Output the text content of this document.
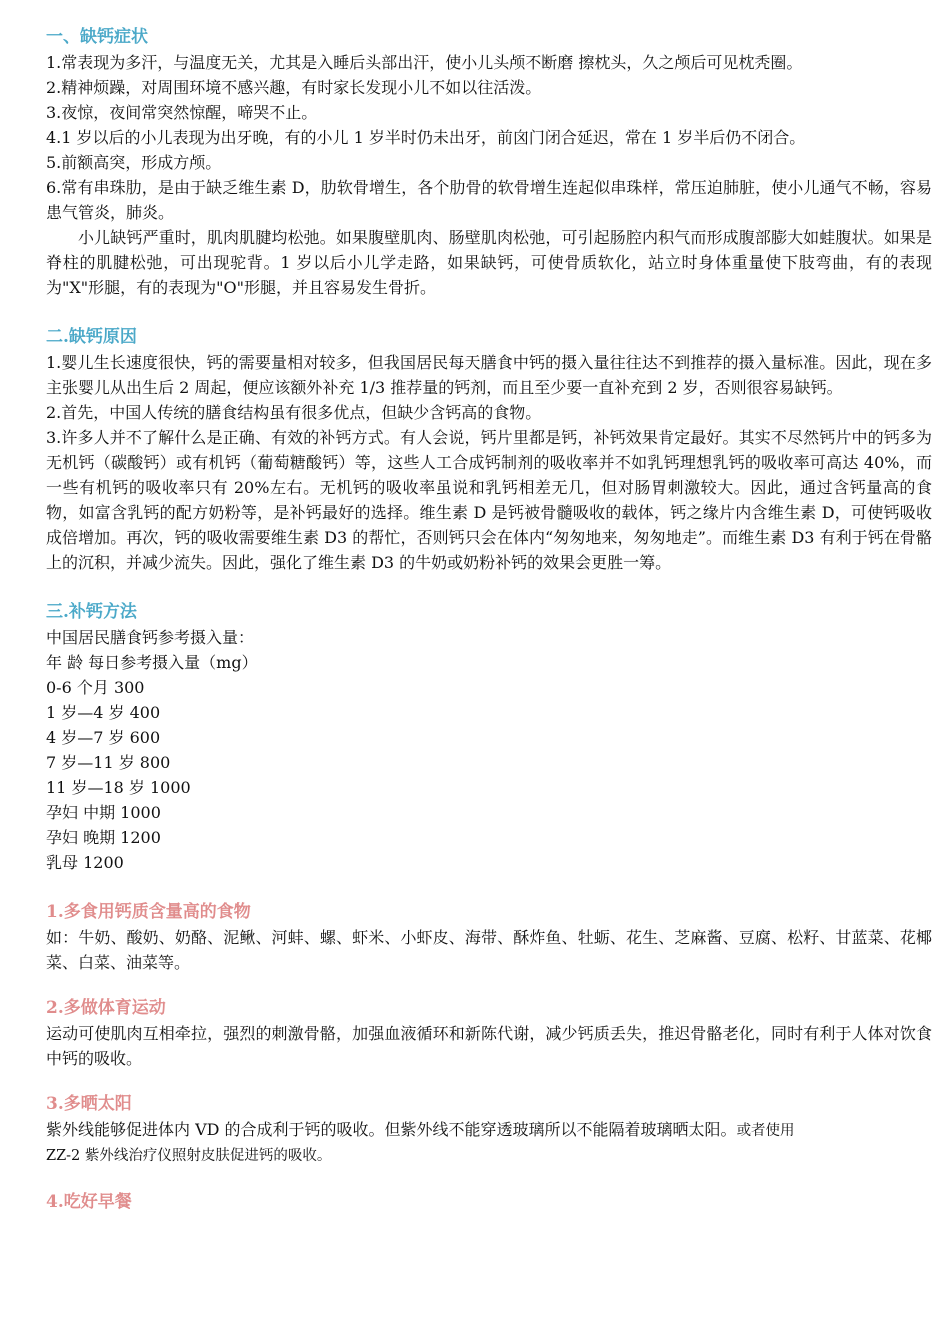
一、缺钙症状

1.常表现为多汗，与温度无关，尤其是入睡后头部出汗，使小儿头颅不断磨 擦枕头，久之颅后可见枕秃圈。

2.精神烦躁，对周围环境不感兴趣，有时家长发现小儿不如以往活泼。

3.夜惊，夜间常突然惊醒，啼哭不止。

4.1 岁以后的小儿表现为出牙晚，有的小儿 1 岁半时仍未出牙，前囟门闭合延迟，常在 1 岁半后仍不闭合。

5.前额高突，形成方颅。

6.常有串珠肋，是由于缺乏维生素 D，肋软骨增生，各个肋骨的软骨增生连起似串珠样，常压迫肺脏，使小儿通气不畅，容易患气管炎，肺炎。

小儿缺钙严重时，肌肉肌腱均松弛。如果腹壁肌肉、肠壁肌肉松弛，可引起肠腔内积气而形成腹部膨大如蛙腹状。如果是脊柱的肌腱松弛，可出现驼背。1 岁以后小儿学走路，如果缺钙，可使骨质软化，站立时身体重量使下肢弯曲，有的表现为"X"形腿，有的表现为"O"形腿，并且容易发生骨折。

二.缺钙原因

1.婴儿生长速度很快，钙的需要量相对较多，但我国居民每天膳食中钙的摄入量往往达不到推荐的摄入量标准。因此，现在多主张婴儿从出生后 2 周起，便应该额外补充 1/3 推荐量的钙剂，而且至少要一直补充到 2 岁，否则很容易缺钙。

2.首先，中国人传统的膳食结构虽有很多优点，但缺少含钙高的食物。

3.许多人并不了解什么是正确、有效的补钙方式。有人会说，钙片里都是钙，补钙效果肯定最好。其实不尽然钙片中的钙多为无机钙（碳酸钙）或有机钙（葡萄糖酸钙）等，这些人工合成钙制剂的吸收率并不如乳钙理想乳钙的吸收率可高达 40%，而一些有机钙的吸收率只有 20%左右。无机钙的吸收率虽说和乳钙相差无几，但对肠胃刺激较大。因此，通过含钙量高的食物，如富含乳钙的配方奶粉等，是补钙最好的选择。维生素 D 是钙被骨髓吸收的载体，钙之缘片内含维生素 D，可使钙吸收成倍增加。再次，钙的吸收需要维生素 D3 的帮忙，否则钙只会在体内“匆匆地来，匆匆地走”。而维生素 D3 有利于钙在骨骼上的沉积，并减少流失。因此，强化了维生素 D3 的牛奶或奶粉补钙的效果会更胜一筹。

三.补钙方法

中国居民膳食钙参考摄入量：

年 龄 每日参考摄入量（mg）

0-6 个月 300

1 岁—4 岁 400

4 岁—7 岁 600

7 岁—11 岁 800

11 岁—18 岁 1000

孕妇 中期 1000

孕妇 晚期 1200

乳母 1200

1.多食用钙质含量高的食物

如：牛奶、酸奶、奶酪、泥鳅、河蚌、螺、虾米、小虾皮、海带、酥炸鱼、牡蛎、花生、芝麻酱、豆腐、松籽、甘蓝菜、花椰菜、白菜、油菜等。

2.多做体育运动

运动可使肌肉互相牵拉，强烈的刺激骨骼，加强血液循环和新陈代谢，减少钙质丢失，推迟骨骼老化，同时有利于人体对饮食中钙的吸收。

3.多晒太阳

紫外线能够促进体内 VD 的合成利于钙的吸收。但紫外线不能穿透玻璃所以不能隔着玻璃晒太阳。或者使用

ZZ-2 紫外线治疗仪照射皮肤促进钙的吸收。

4.吃好早餐
